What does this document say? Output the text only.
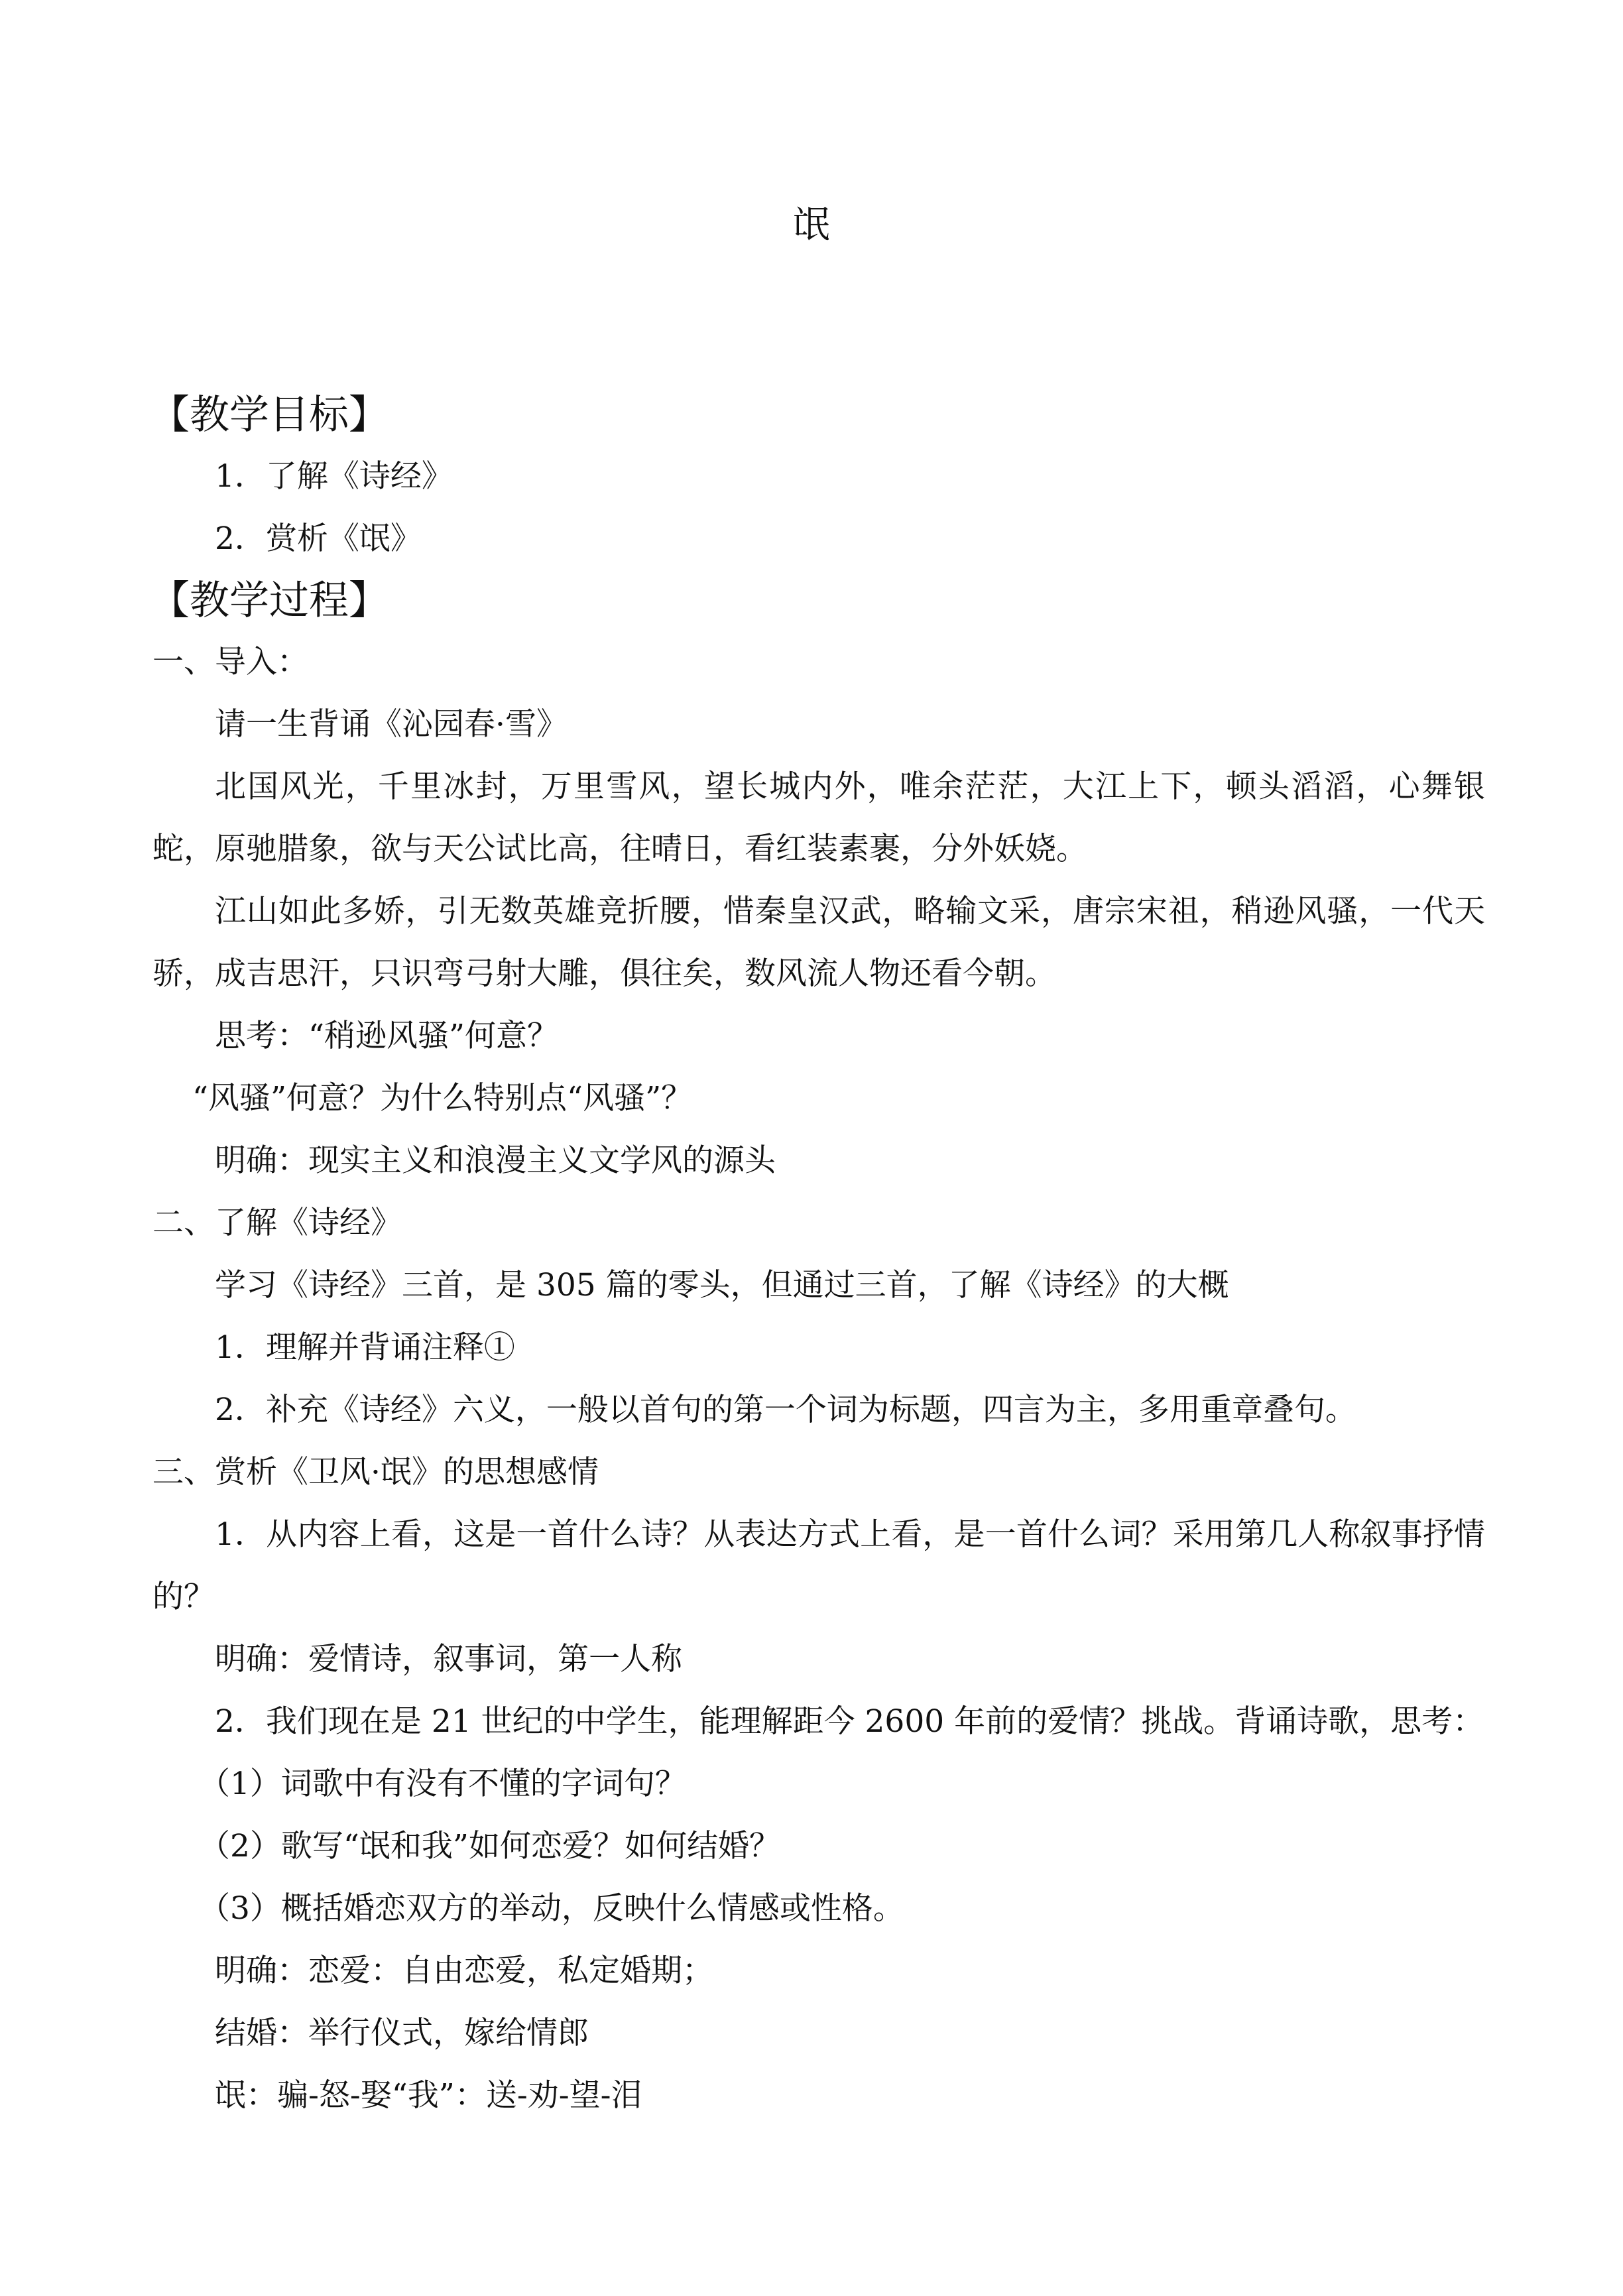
氓
【教学目标】
1．了解《诗经》
2．赏析《氓》
【教学过程】
一、导入：
请一生背诵《沁园春·雪》
北国风光，千里冰封，万里雪风，望长城内外，唯余茫茫，大江上下，顿头滔滔，心舞银蛇，原驰腊象，欲与天公试比高，往晴日，看红装素裹，分外妖娆。
江山如此多娇，引无数英雄竞折腰，惜秦皇汉武，略输文采，唐宗宋祖，稍逊风骚，一代天骄，成吉思汗，只识弯弓射大雕，俱往矣，数风流人物还看今朝。
思考：“稍逊风骚”何意？
“风骚”何意？为什么特别点“风骚”？
明确：现实主义和浪漫主义文学风的源头
二、了解《诗经》
学习《诗经》三首，是 305 篇的零头，但通过三首，了解《诗经》的大概
1．理解并背诵注释①
2．补充《诗经》六义，一般以首句的第一个词为标题，四言为主，多用重章叠句。
三、赏析《卫风·氓》的思想感情
1．从内容上看，这是一首什么诗？从表达方式上看，是一首什么词？采用第几人称叙事抒情的？
明确：爱情诗，叙事词，第一人称
2．我们现在是 21 世纪的中学生，能理解距今 2600 年前的爱情？挑战。背诵诗歌，思考：
（1）词歌中有没有不懂的字词句？
（2）歌写“氓和我”如何恋爱？如何结婚？
（3）概括婚恋双方的举动，反映什么情感或性格。
明确：恋爱：自由恋爱，私定婚期；
结婚：举行仪式，嫁给情郎
氓：骗-怒-娶“我”：送-劝-望-泪
